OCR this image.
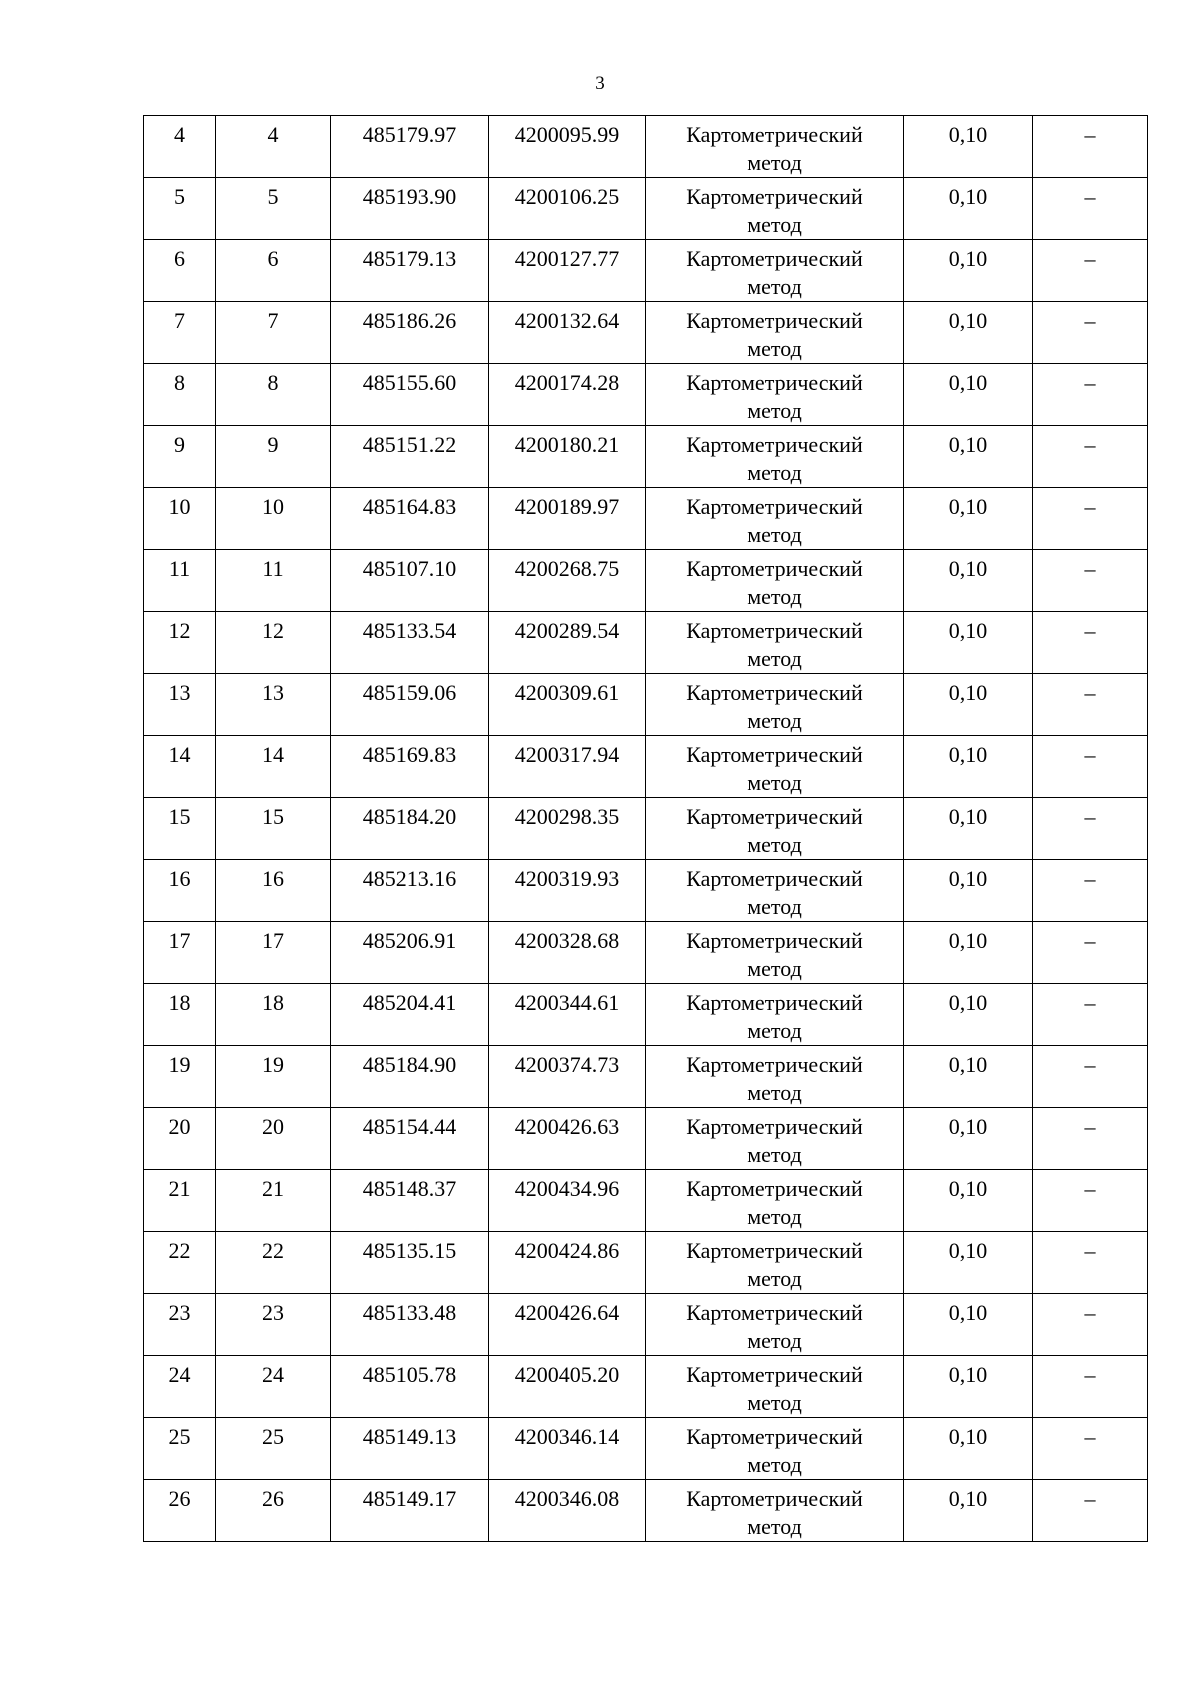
3
4	4	485179.97	4200095.99	Картометрический
метод	0,10	–
5	5	485193.90	4200106.25	Картометрический
метод	0,10	–
6	6	485179.13	4200127.77	Картометрический
метод	0,10	–
7	7	485186.26	4200132.64	Картометрический
метод	0,10	–
8	8	485155.60	4200174.28	Картометрический
метод	0,10	–
9	9	485151.22	4200180.21	Картометрический
метод	0,10	–
10	10	485164.83	4200189.97	Картометрический
метод	0,10	–
11	11	485107.10	4200268.75	Картометрический
метод	0,10	–
12	12	485133.54	4200289.54	Картометрический
метод	0,10	–
13	13	485159.06	4200309.61	Картометрический
метод	0,10	–
14	14	485169.83	4200317.94	Картометрический
метод	0,10	–
15	15	485184.20	4200298.35	Картометрический
метод	0,10	–
16	16	485213.16	4200319.93	Картометрический
метод	0,10	–
17	17	485206.91	4200328.68	Картометрический
метод	0,10	–
18	18	485204.41	4200344.61	Картометрический
метод	0,10	–
19	19	485184.90	4200374.73	Картометрический
метод	0,10	–
20	20	485154.44	4200426.63	Картометрический
метод	0,10	–
21	21	485148.37	4200434.96	Картометрический
метод	0,10	–
22	22	485135.15	4200424.86	Картометрический
метод	0,10	–
23	23	485133.48	4200426.64	Картометрический
метод	0,10	–
24	24	485105.78	4200405.20	Картометрический
метод	0,10	–
25	25	485149.13	4200346.14	Картометрический
метод	0,10	–
26	26	485149.17	4200346.08	Картометрический
метод	0,10	–
